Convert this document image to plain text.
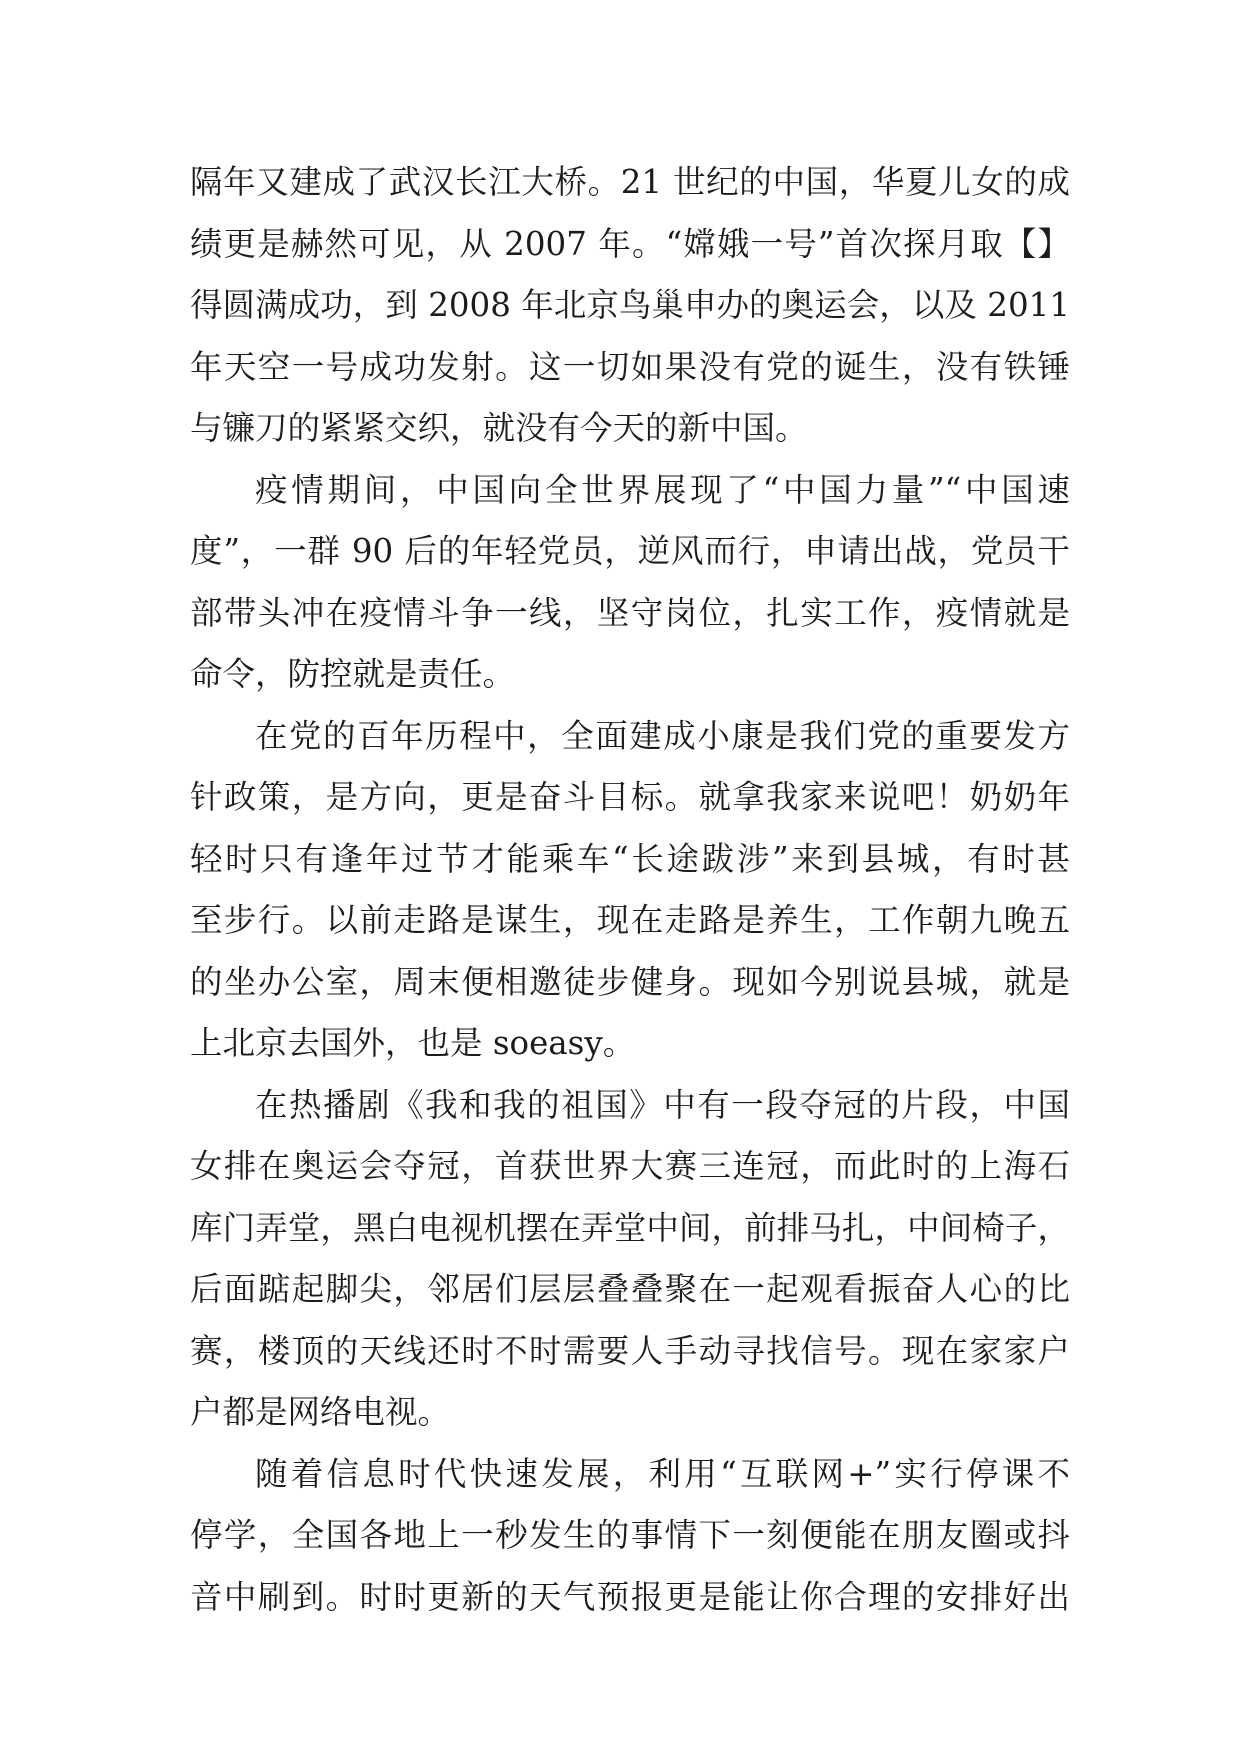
隔年又建成了武汉长江大桥。21 世纪的中国，华夏儿女的成
绩更是赫然可见，从 2007 年。“嫦娥一号”首次探月取【】
得圆满成功，到 2008 年北京鸟巢申办的奥运会，以及 2011
年天空一号成功发射。这一切如果没有党的诞生，没有铁锤
与镰刀的紧紧交织，就没有今天的新中国。
疫情期间，中国向全世界展现了“中国力量”“中国速
度”，一群 90 后的年轻党员，逆风而行，申请出战，党员干
部带头冲在疫情斗争一线，坚守岗位，扎实工作，疫情就是
命令，防控就是责任。
在党的百年历程中，全面建成小康是我们党的重要发方
针政策，是方向，更是奋斗目标。就拿我家来说吧！奶奶年
轻时只有逢年过节才能乘车“长途跋涉”来到县城，有时甚
至步行。以前走路是谋生，现在走路是养生，工作朝九晚五
的坐办公室，周末便相邀徒步健身。现如今别说县城，就是
上北京去国外，也是 soeasy。
在热播剧《我和我的祖国》中有一段夺冠的片段，中国
女排在奥运会夺冠，首获世界大赛三连冠，而此时的上海石
库门弄堂，黑白电视机摆在弄堂中间，前排马扎，中间椅子，
后面踮起脚尖，邻居们层层叠叠聚在一起观看振奋人心的比
赛，楼顶的天线还时不时需要人手动寻找信号。现在家家户
户都是网络电视。
随着信息时代快速发展，利用“互联网+”实行停课不
停学，全国各地上一秒发生的事情下一刻便能在朋友圈或抖
音中刷到。时时更新的天气预报更是能让你合理的安排好出
